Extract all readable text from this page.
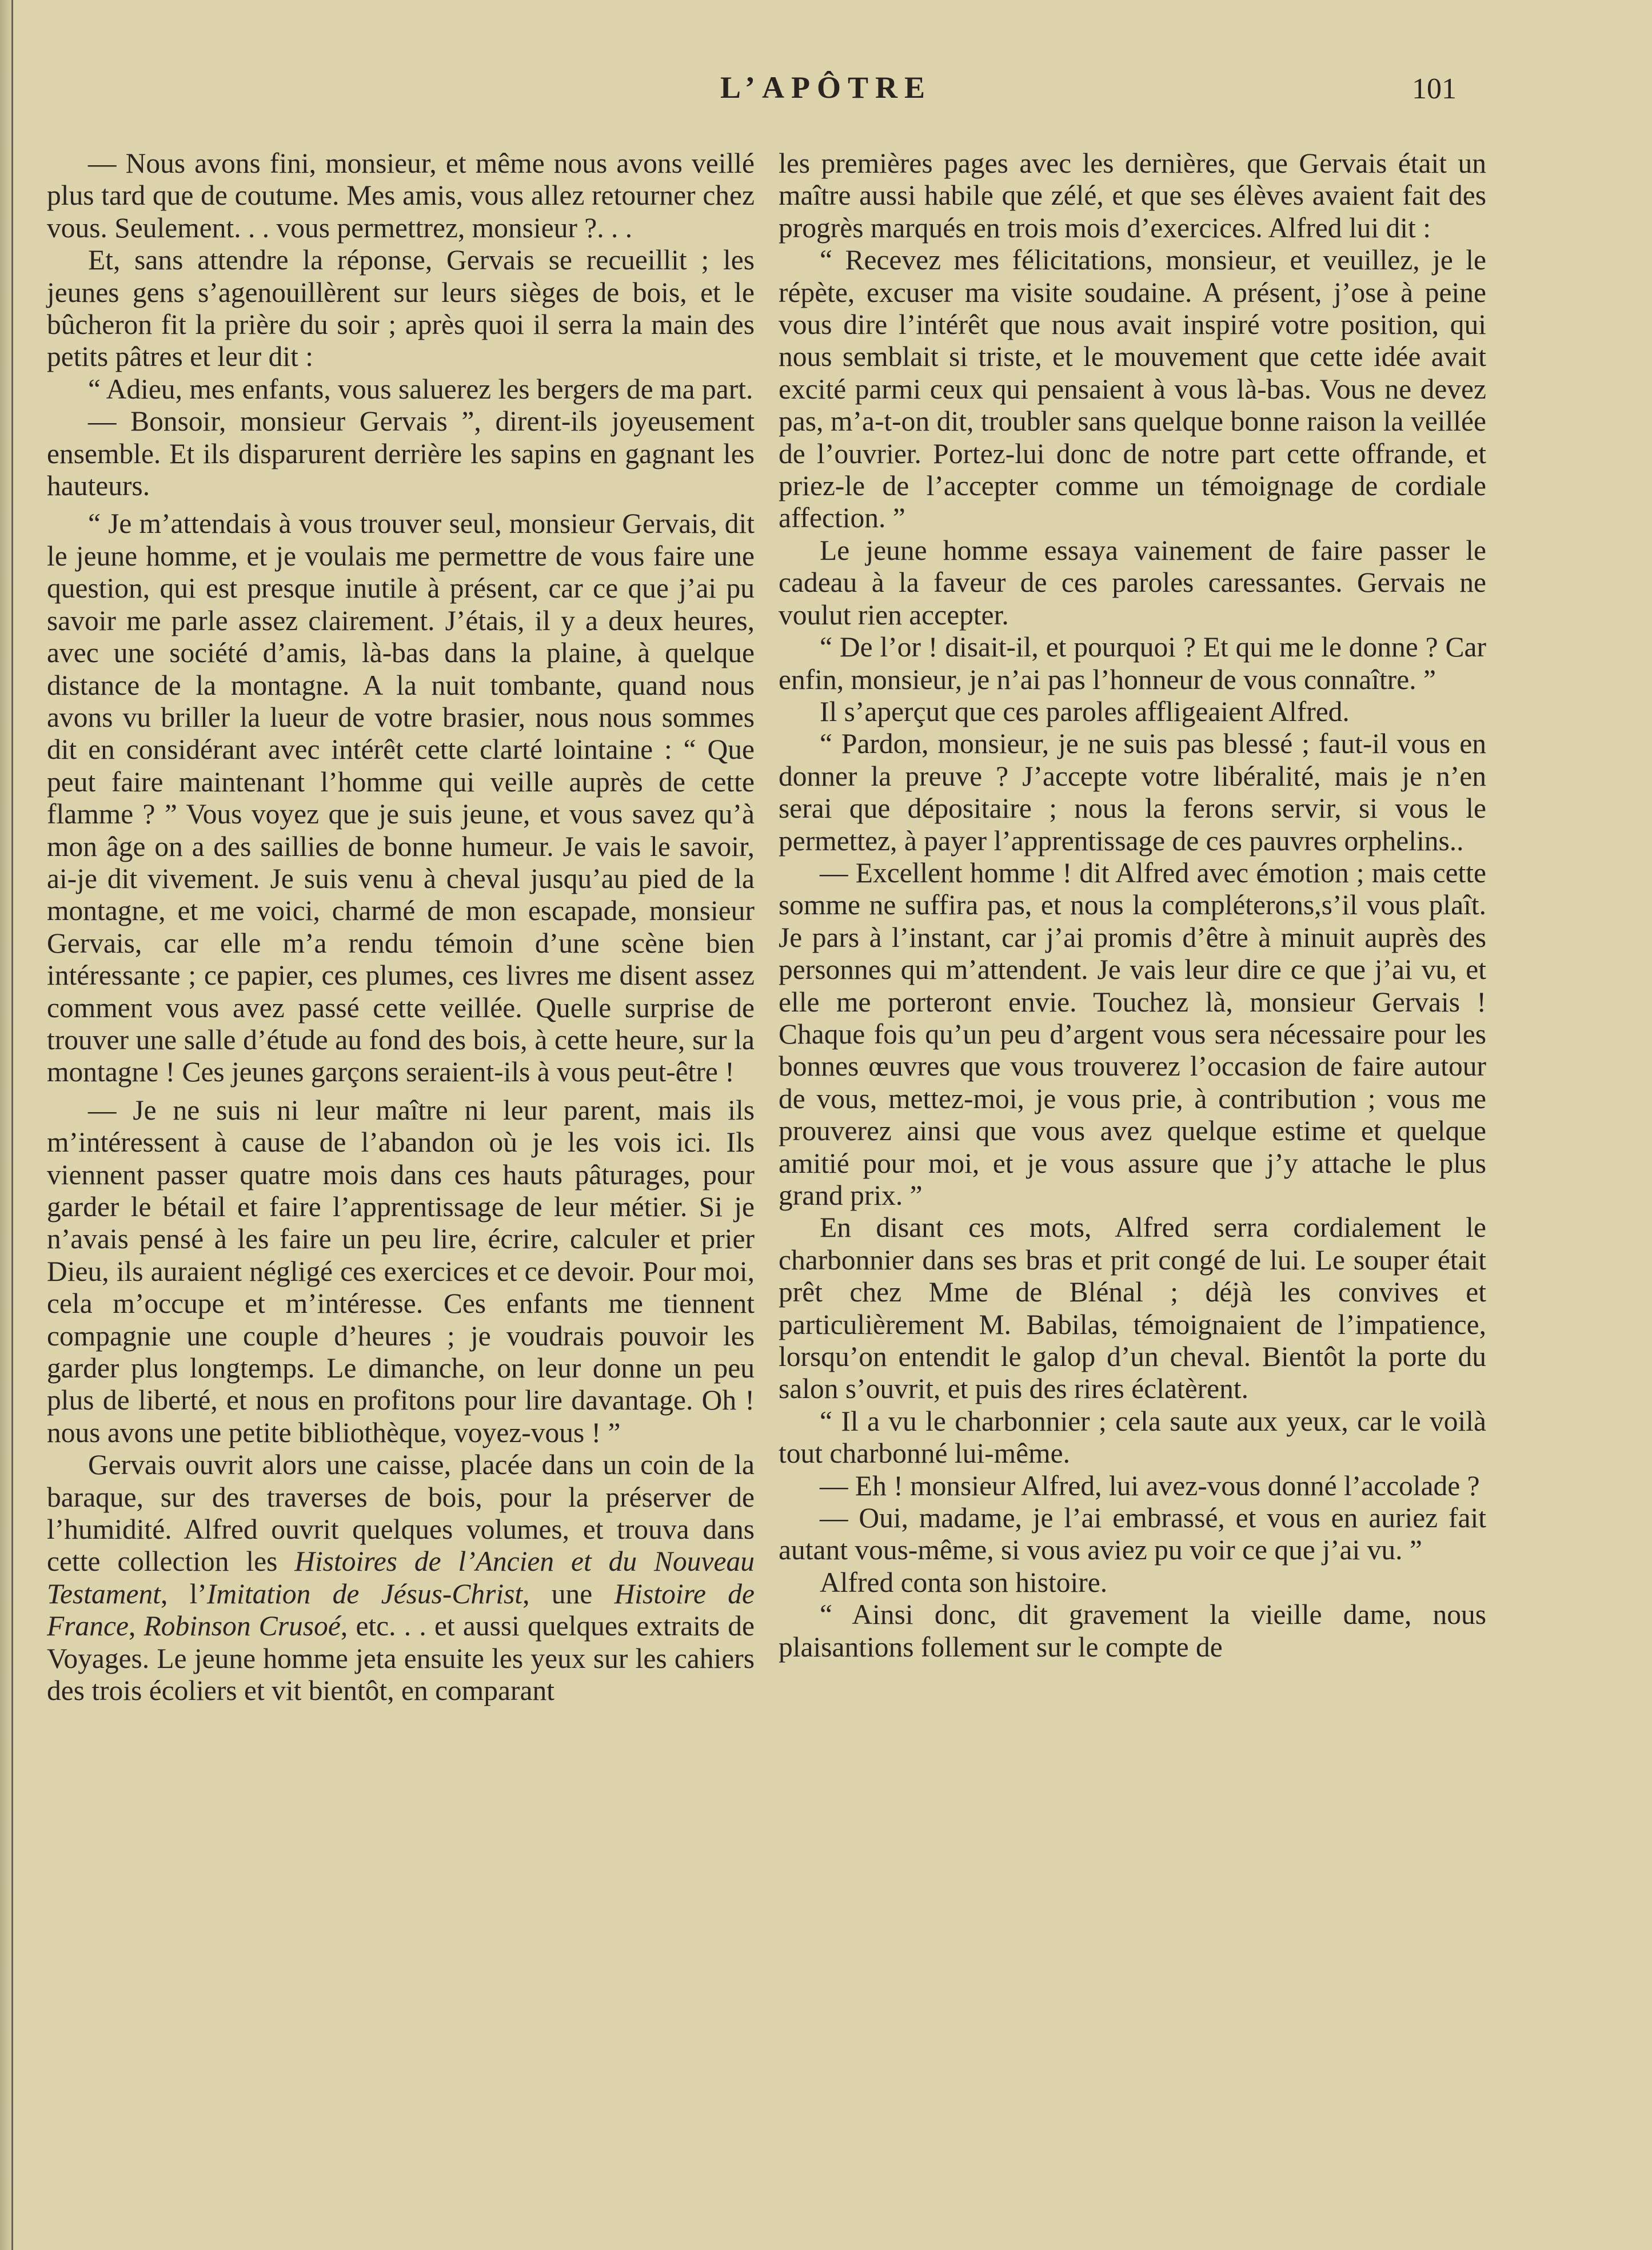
L’APÔTRE	101

— Nous avons fini, monsieur, et même nous avons veillé plus tard que de coutume. Mes amis, vous allez retourner chez vous. Seulement. . . vous permettrez, monsieur ?. . .

Et, sans attendre la réponse, Gervais se recueillit ; les jeunes gens s’agenouillèrent sur leurs sièges de bois, et le bûcheron fit la prière du soir ; après quoi il serra la main des petits pâtres et leur dit :

“ Adieu, mes enfants, vous saluerez les bergers de ma part.

— Bonsoir, monsieur Gervais ”, dirent-ils joyeusement ensemble. Et ils disparurent derrière les sapins en gagnant les hauteurs.

“ Je m’attendais à vous trouver seul, monsieur Gervais, dit le jeune homme, et je voulais me permettre de vous faire une question, qui est presque inutile à présent, car ce que j’ai pu savoir me parle assez clairement. J’étais, il y a deux heures, avec une société d’amis, là-bas dans la plaine, à quelque distance de la montagne. A la nuit tombante, quand nous avons vu briller la lueur de votre brasier, nous nous sommes dit en considérant avec intérêt cette clarté lointaine : “ Que peut faire maintenant l’homme qui veille auprès de cette flamme ? ” Vous voyez que je suis jeune, et vous savez qu’à mon âge on a des saillies de bonne humeur. Je vais le savoir, ai-je dit vivement. Je suis venu à cheval jusqu’au pied de la montagne, et me voici, charmé de mon escapade, monsieur Gervais, car elle m’a rendu témoin d’une scène bien intéressante ; ce papier, ces plumes, ces livres me disent assez comment vous avez passé cette veillée. Quelle surprise de trouver une salle d’étude au fond des bois, à cette heure, sur la montagne ! Ces jeunes garçons seraient-ils à vous peut-être !

— Je ne suis ni leur maître ni leur parent, mais ils m’intéressent à cause de l’abandon où je les vois ici. Ils viennent passer quatre mois dans ces hauts pâturages, pour garder le bétail et faire l’apprentissage de leur métier. Si je n’avais pensé à les faire un peu lire, écrire, calculer et prier Dieu, ils auraient négligé ces exercices et ce devoir. Pour moi, cela m’occupe et m’intéresse. Ces enfants me tiennent compagnie une couple d’heures ; je voudrais pouvoir les garder plus longtemps. Le dimanche, on leur donne un peu plus de liberté, et nous en profitons pour lire davantage. Oh ! nous avons une petite bibliothèque, voyez-vous ! ”

Gervais ouvrit alors une caisse, placée dans un coin de la baraque, sur des traverses de bois, pour la préserver de l’humidité. Alfred ouvrit quelques volumes, et trouva dans cette collection les Histoires de l’Ancien et du Nouveau Testament, l’Imitation de Jésus-Christ, une Histoire de France, Robinson Crusoé, etc. . . et aussi quelques extraits de Voyages. Le jeune homme jeta ensuite les yeux sur les cahiers des trois écoliers et vit bientôt, en comparant

les premières pages avec les dernières, que Gervais était un maître aussi habile que zélé, et que ses élèves avaient fait des progrès marqués en trois mois d’exercices. Alfred lui dit :

“ Recevez mes félicitations, monsieur, et veuillez, je le répète, excuser ma visite soudaine. A présent, j’ose à peine vous dire l’intérêt que nous avait inspiré votre position, qui nous semblait si triste, et le mouvement que cette idée avait excité parmi ceux qui pensaient à vous là-bas. Vous ne devez pas, m’a-t-on dit, troubler sans quelque bonne raison la veillée de l’ouvrier. Portez-lui donc de notre part cette offrande, et priez-le de l’accepter comme un témoignage de cordiale affection. ”

Le jeune homme essaya vainement de faire passer le cadeau à la faveur de ces paroles caressantes. Gervais ne voulut rien accepter.

“ De l’or ! disait-il, et pourquoi ? Et qui me le donne ? Car enfin, monsieur, je n’ai pas l’honneur de vous connaître. ”

Il s’aperçut que ces paroles affligeaient Alfred.

“ Pardon, monsieur, je ne suis pas blessé ; faut-il vous en donner la preuve ? J’accepte votre libéralité, mais je n’en serai que dépositaire ; nous la ferons servir, si vous le permettez, à payer l’apprentissage de ces pauvres orphelins..

— Excellent homme ! dit Alfred avec émotion ; mais cette somme ne suffira pas, et nous la compléterons,s’il vous plaît. Je pars à l’instant, car j’ai promis d’être à minuit auprès des personnes qui m’attendent. Je vais leur dire ce que j’ai vu, et elle me porteront envie. Touchez là, monsieur Gervais ! Chaque fois qu’un peu d’argent vous sera nécessaire pour les bonnes œuvres que vous trouverez l’occasion de faire autour de vous, mettez-moi, je vous prie, à contribution ; vous me prouverez ainsi que vous avez quelque estime et quelque amitié pour moi, et je vous assure que j’y attache le plus grand prix. ”

En disant ces mots, Alfred serra cordialement le charbonnier dans ses bras et prit congé de lui. Le souper était prêt chez Mme de Blénal ; déjà les convives et particulièrement M. Babilas, témoignaient de l’impatience, lorsqu’on entendit le galop d’un cheval. Bientôt la porte du salon s’ouvrit, et puis des rires éclatèrent.

“ Il a vu le charbonnier ; cela saute aux yeux, car le voilà tout charbonné lui-même.

— Eh ! monsieur Alfred, lui avez-vous donné l’accolade ?

— Oui, madame, je l’ai embrassé, et vous en auriez fait autant vous-même, si vous aviez pu voir ce que j’ai vu. ”

Alfred conta son histoire.

“ Ainsi donc, dit gravement la vieille dame, nous plaisantions follement sur le compte de
